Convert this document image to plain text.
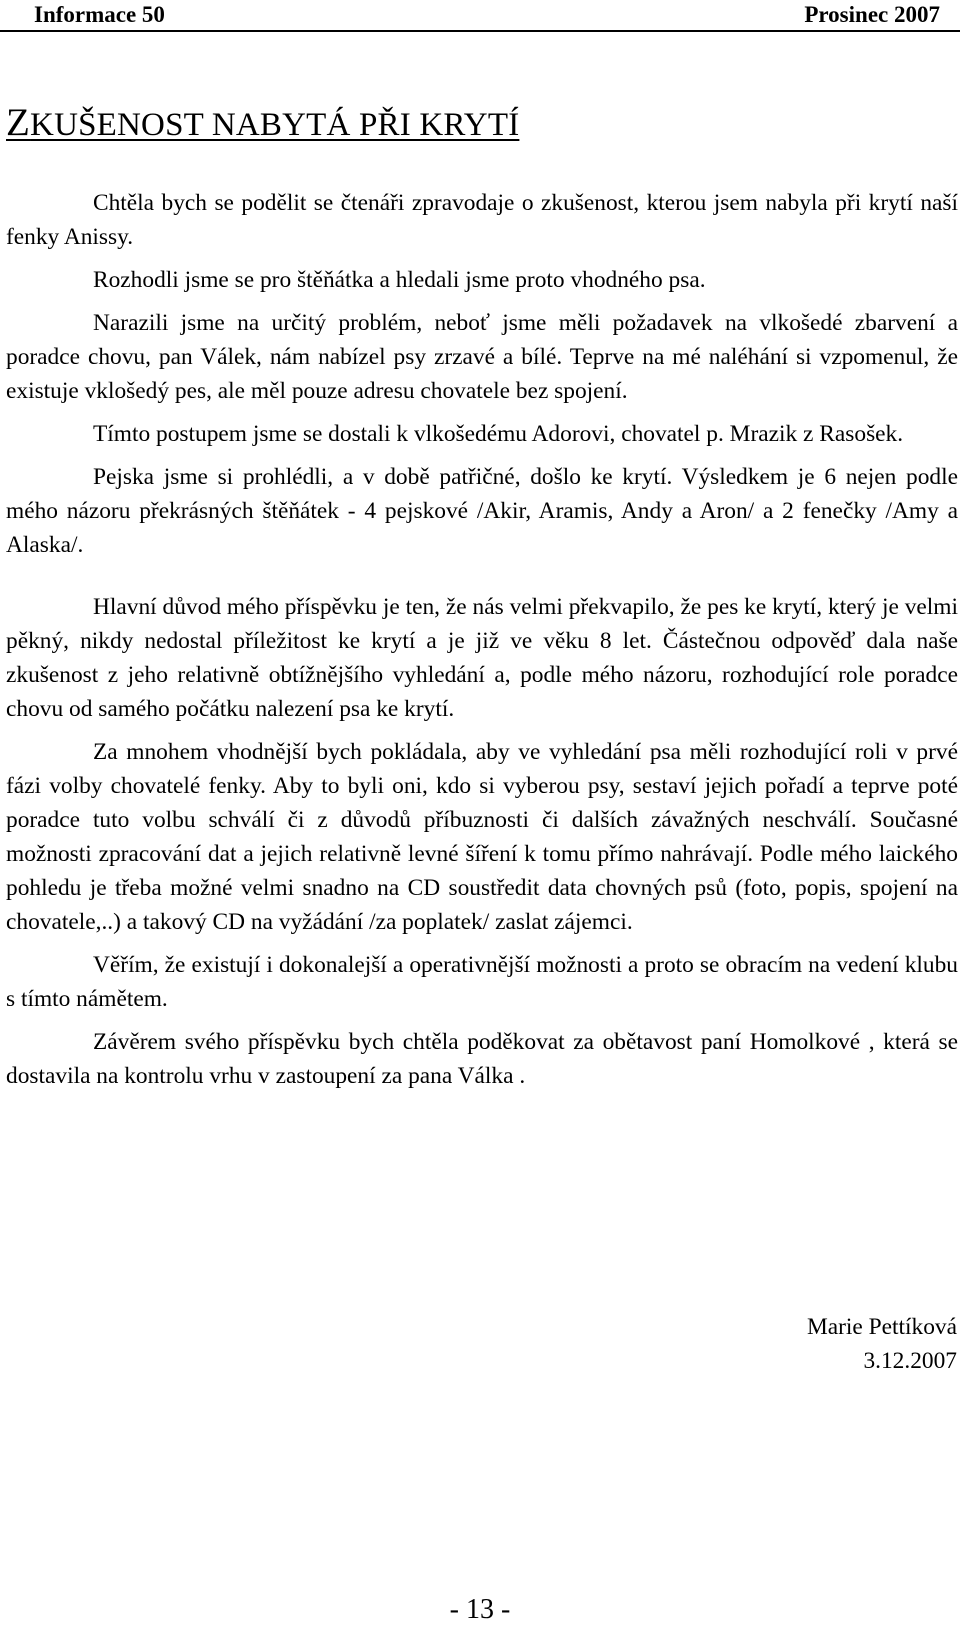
Informace 50	Prosinec 2007
ZKUŠENOST NABYTÁ PŘI KRYTÍ

Chtěla bych se podělit se čtenáři zpravodaje o zkušenost, kterou jsem nabyla při krytí naší fenky Anissy.

Rozhodli jsme se pro štěňátka a hledali jsme proto vhodného psa.

Narazili jsme na určitý problém, neboť jsme měli požadavek na vlkošedé zbarvení a poradce chovu, pan Válek, nám nabízel psy zrzavé a bílé. Teprve na mé naléhání si vzpomenul, že existuje vklošedý pes, ale měl pouze adresu chovatele bez spojení.

Tímto postupem jsme se dostali k vlkošedému Adorovi, chovatel p. Mrazik z Rasošek.

Pejska jsme si prohlédli, a v době patřičné, došlo ke krytí. Výsledkem je 6 nejen podle mého názoru překrásných štěňátek - 4 pejskové /Akir, Aramis, Andy a Aron/ a 2 fenečky /Amy a Alaska/.

Hlavní důvod mého příspěvku je ten, že nás velmi překvapilo, že pes ke krytí, který je velmi pěkný, nikdy nedostal příležitost ke krytí a je již ve věku 8 let. Částečnou odpověď dala naše zkušenost z jeho relativně obtížnějšího vyhledání a, podle mého názoru, rozhodující role poradce chovu od samého počátku nalezení psa ke krytí.

Za mnohem vhodnější bych pokládala, aby ve vyhledání psa měli rozhodující roli v prvé fázi volby chovatelé fenky. Aby to byli oni, kdo si vyberou psy, sestaví jejich pořadí a teprve poté poradce tuto volbu schválí či z důvodů příbuznosti či dalších závažných neschválí. Současné možnosti zpracování dat a jejich relativně levné šíření k tomu přímo nahrávají. Podle mého laického pohledu je třeba možné velmi snadno na CD soustředit data chovných psů (foto, popis, spojení na chovatele,..) a takový CD na vyžádání /za poplatek/ zaslat zájemci.

Věřím, že existují i dokonalejší a operativnější možnosti a proto se obracím na vedení klubu s tímto námětem.

Závěrem svého příspěvku bych chtěla poděkovat za obětavost paní Homolkové , která se dostavila na kontrolu vrhu v zastoupení za pana Válka .

Marie Pettíková
3.12.2007
- 13 -
